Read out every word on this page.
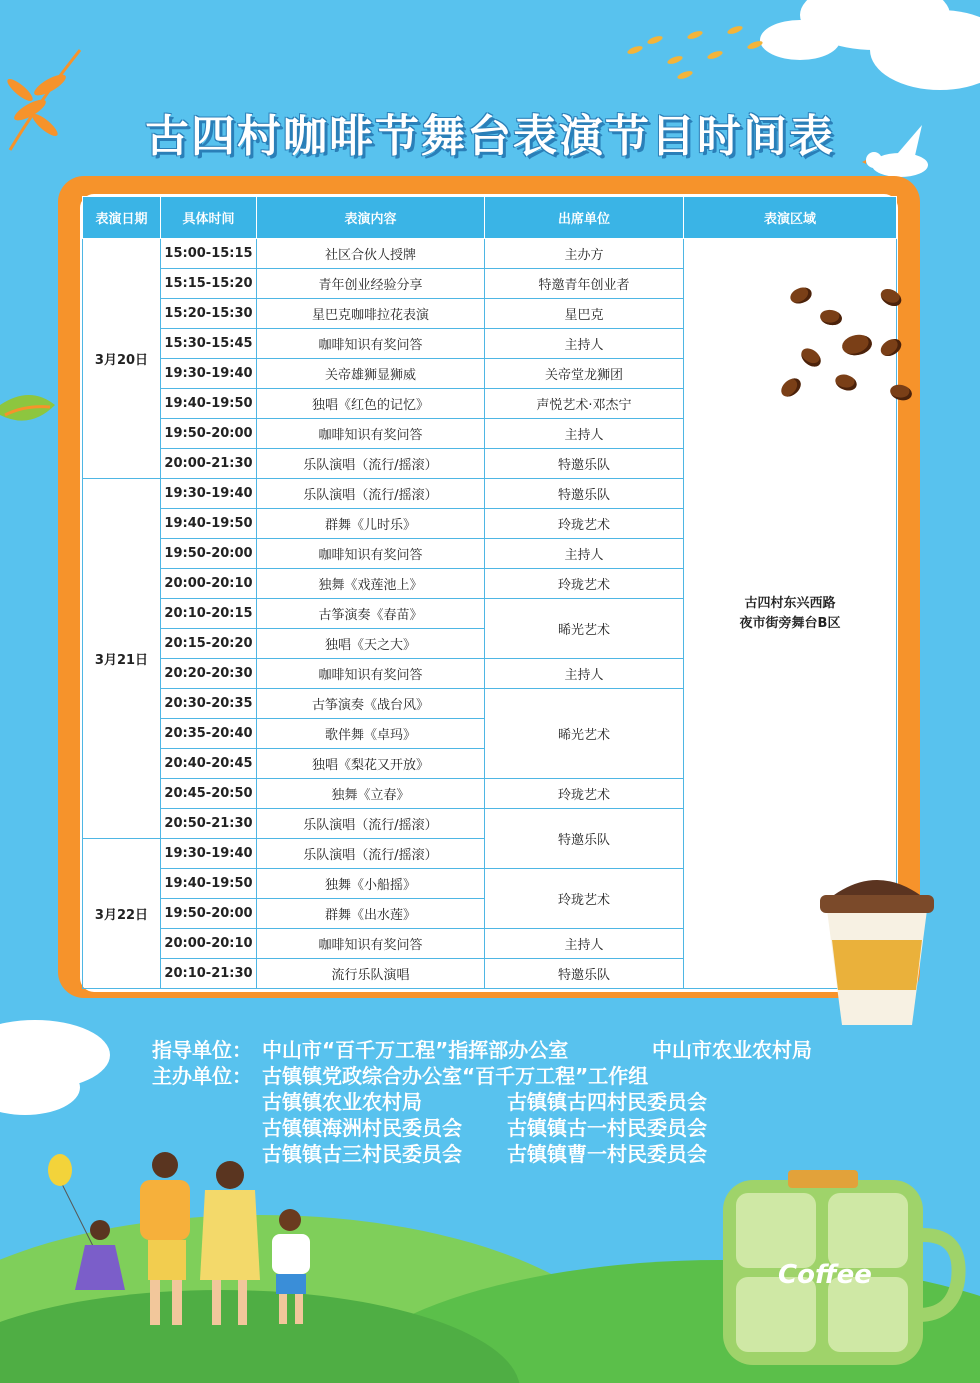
古四村咖啡节舞台表演节目时间表
表演日期	具体时间	表演内容	出席单位	表演区域
3月20日	15:00-15:15	社区合伙人授牌	主办方	古四村东兴西路
夜市街旁舞台B区
	15:15-15:20	青年创业经验分享	特邀青年创业者	
	15:20-15:30	星巴克咖啡拉花表演	星巴克	
	15:30-15:45	咖啡知识有奖问答	主持人	
	19:30-19:40	关帝雄狮显狮威	关帝堂龙狮团	
	19:40-19:50	独唱《红色的记忆》	声悦艺术·邓杰宁	
	19:50-20:00	咖啡知识有奖问答	主持人	
	20:00-21:30	乐队演唱（流行/摇滚）	特邀乐队	
3月21日	19:30-19:40	乐队演唱（流行/摇滚）	特邀乐队	
	19:40-19:50	群舞《儿时乐》	玲珑艺术	
	19:50-20:00	咖啡知识有奖问答	主持人	
	20:00-20:10	独舞《戏莲池上》	玲珑艺术	
	20:10-20:15	古筝演奏《春苗》	晞光艺术	
	20:15-20:20	独唱《天之大》		
	20:20-20:30	咖啡知识有奖问答	主持人	
	20:30-20:35	古筝演奏《战台风》	晞光艺术	
	20:35-20:40	歌伴舞《卓玛》		
	20:40-20:45	独唱《梨花又开放》		
	20:45-20:50	独舞《立春》	玲珑艺术	
	20:50-21:30	乐队演唱（流行/摇滚）	特邀乐队	
3月22日	19:30-19:40	乐队演唱（流行/摇滚）		
	19:40-19:50	独舞《小船摇》	玲珑艺术	
	19:50-20:00	群舞《出水莲》		
	20:00-20:10	咖啡知识有奖问答	主持人	
	20:10-21:30	流行乐队演唱	特邀乐队	
指导单位： 中山市“百千万工程”指挥部办公室	中山市农业农村局
主办单位： 古镇镇党政综合办公室“百千万工程”工作组
古镇镇农业农村局	古镇镇古四村民委员会
古镇镇海洲村民委员会 古镇镇古一村民委员会
古镇镇古三村民委员会 古镇镇曹一村民委员会
Coffee
